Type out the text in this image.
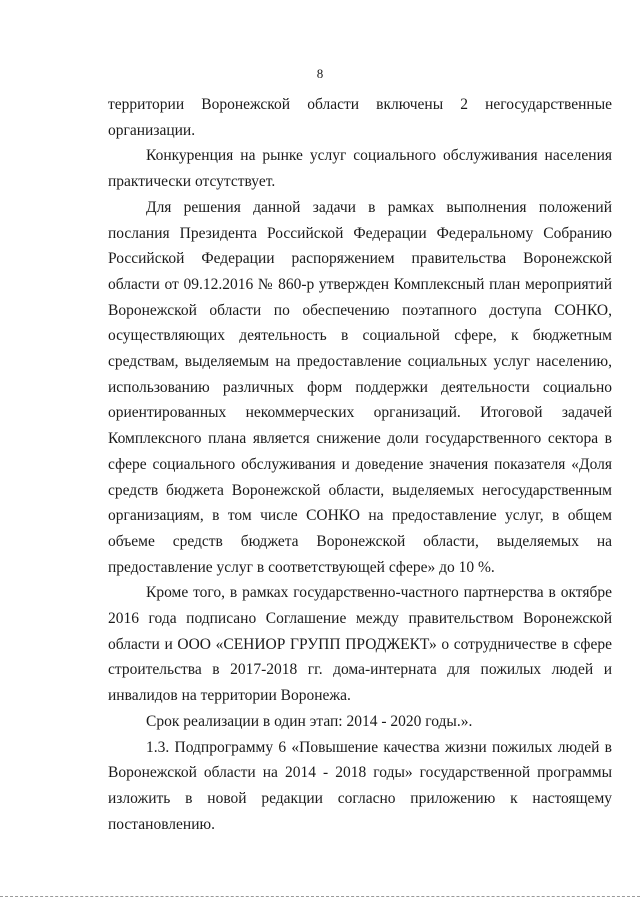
8

территории Воронежской области включены 2 негосударственные организации.

Конкуренция на рынке услуг социального обслуживания населения практически отсутствует.

Для решения данной задачи в рамках выполнения положений послания Президента Российской Федерации Федеральному Собранию Российской Федерации распоряжением правительства Воронежской области от 09.12.2016 № 860-р утвержден Комплексный план мероприятий Воронежской области по обеспечению поэтапного доступа СОНКО, осуществляющих деятельность в социальной сфере, к бюджетным средствам, выделяемым на предоставление социальных услуг населению, использованию различных форм поддержки деятельности социально ориентированных некоммерческих организаций. Итоговой задачей Комплексного плана является снижение доли государственного сектора в сфере социального обслуживания и доведение значения показателя «Доля средств бюджета Воронежской области, выделяемых негосударственным организациям, в том числе СОНКО на предоставление услуг, в общем объеме средств бюджета Воронежской области, выделяемых на предоставление услуг в соответствующей сфере» до 10 %.

Кроме того, в рамках государственно-частного партнерства в октябре 2016 года подписано Соглашение между правительством Воронежской области и ООО «СЕНИОР ГРУПП ПРОДЖЕКТ» о сотрудничестве в сфере строительства в 2017-2018 гг. дома-интерната для пожилых людей и инвалидов на территории Воронежа.

Срок реализации в один этап: 2014 - 2020 годы.».

1.3. Подпрограмму 6 «Повышение качества жизни пожилых людей в Воронежской области на 2014 - 2018 годы» государственной программы изложить в новой редакции согласно приложению к настоящему постановлению.
